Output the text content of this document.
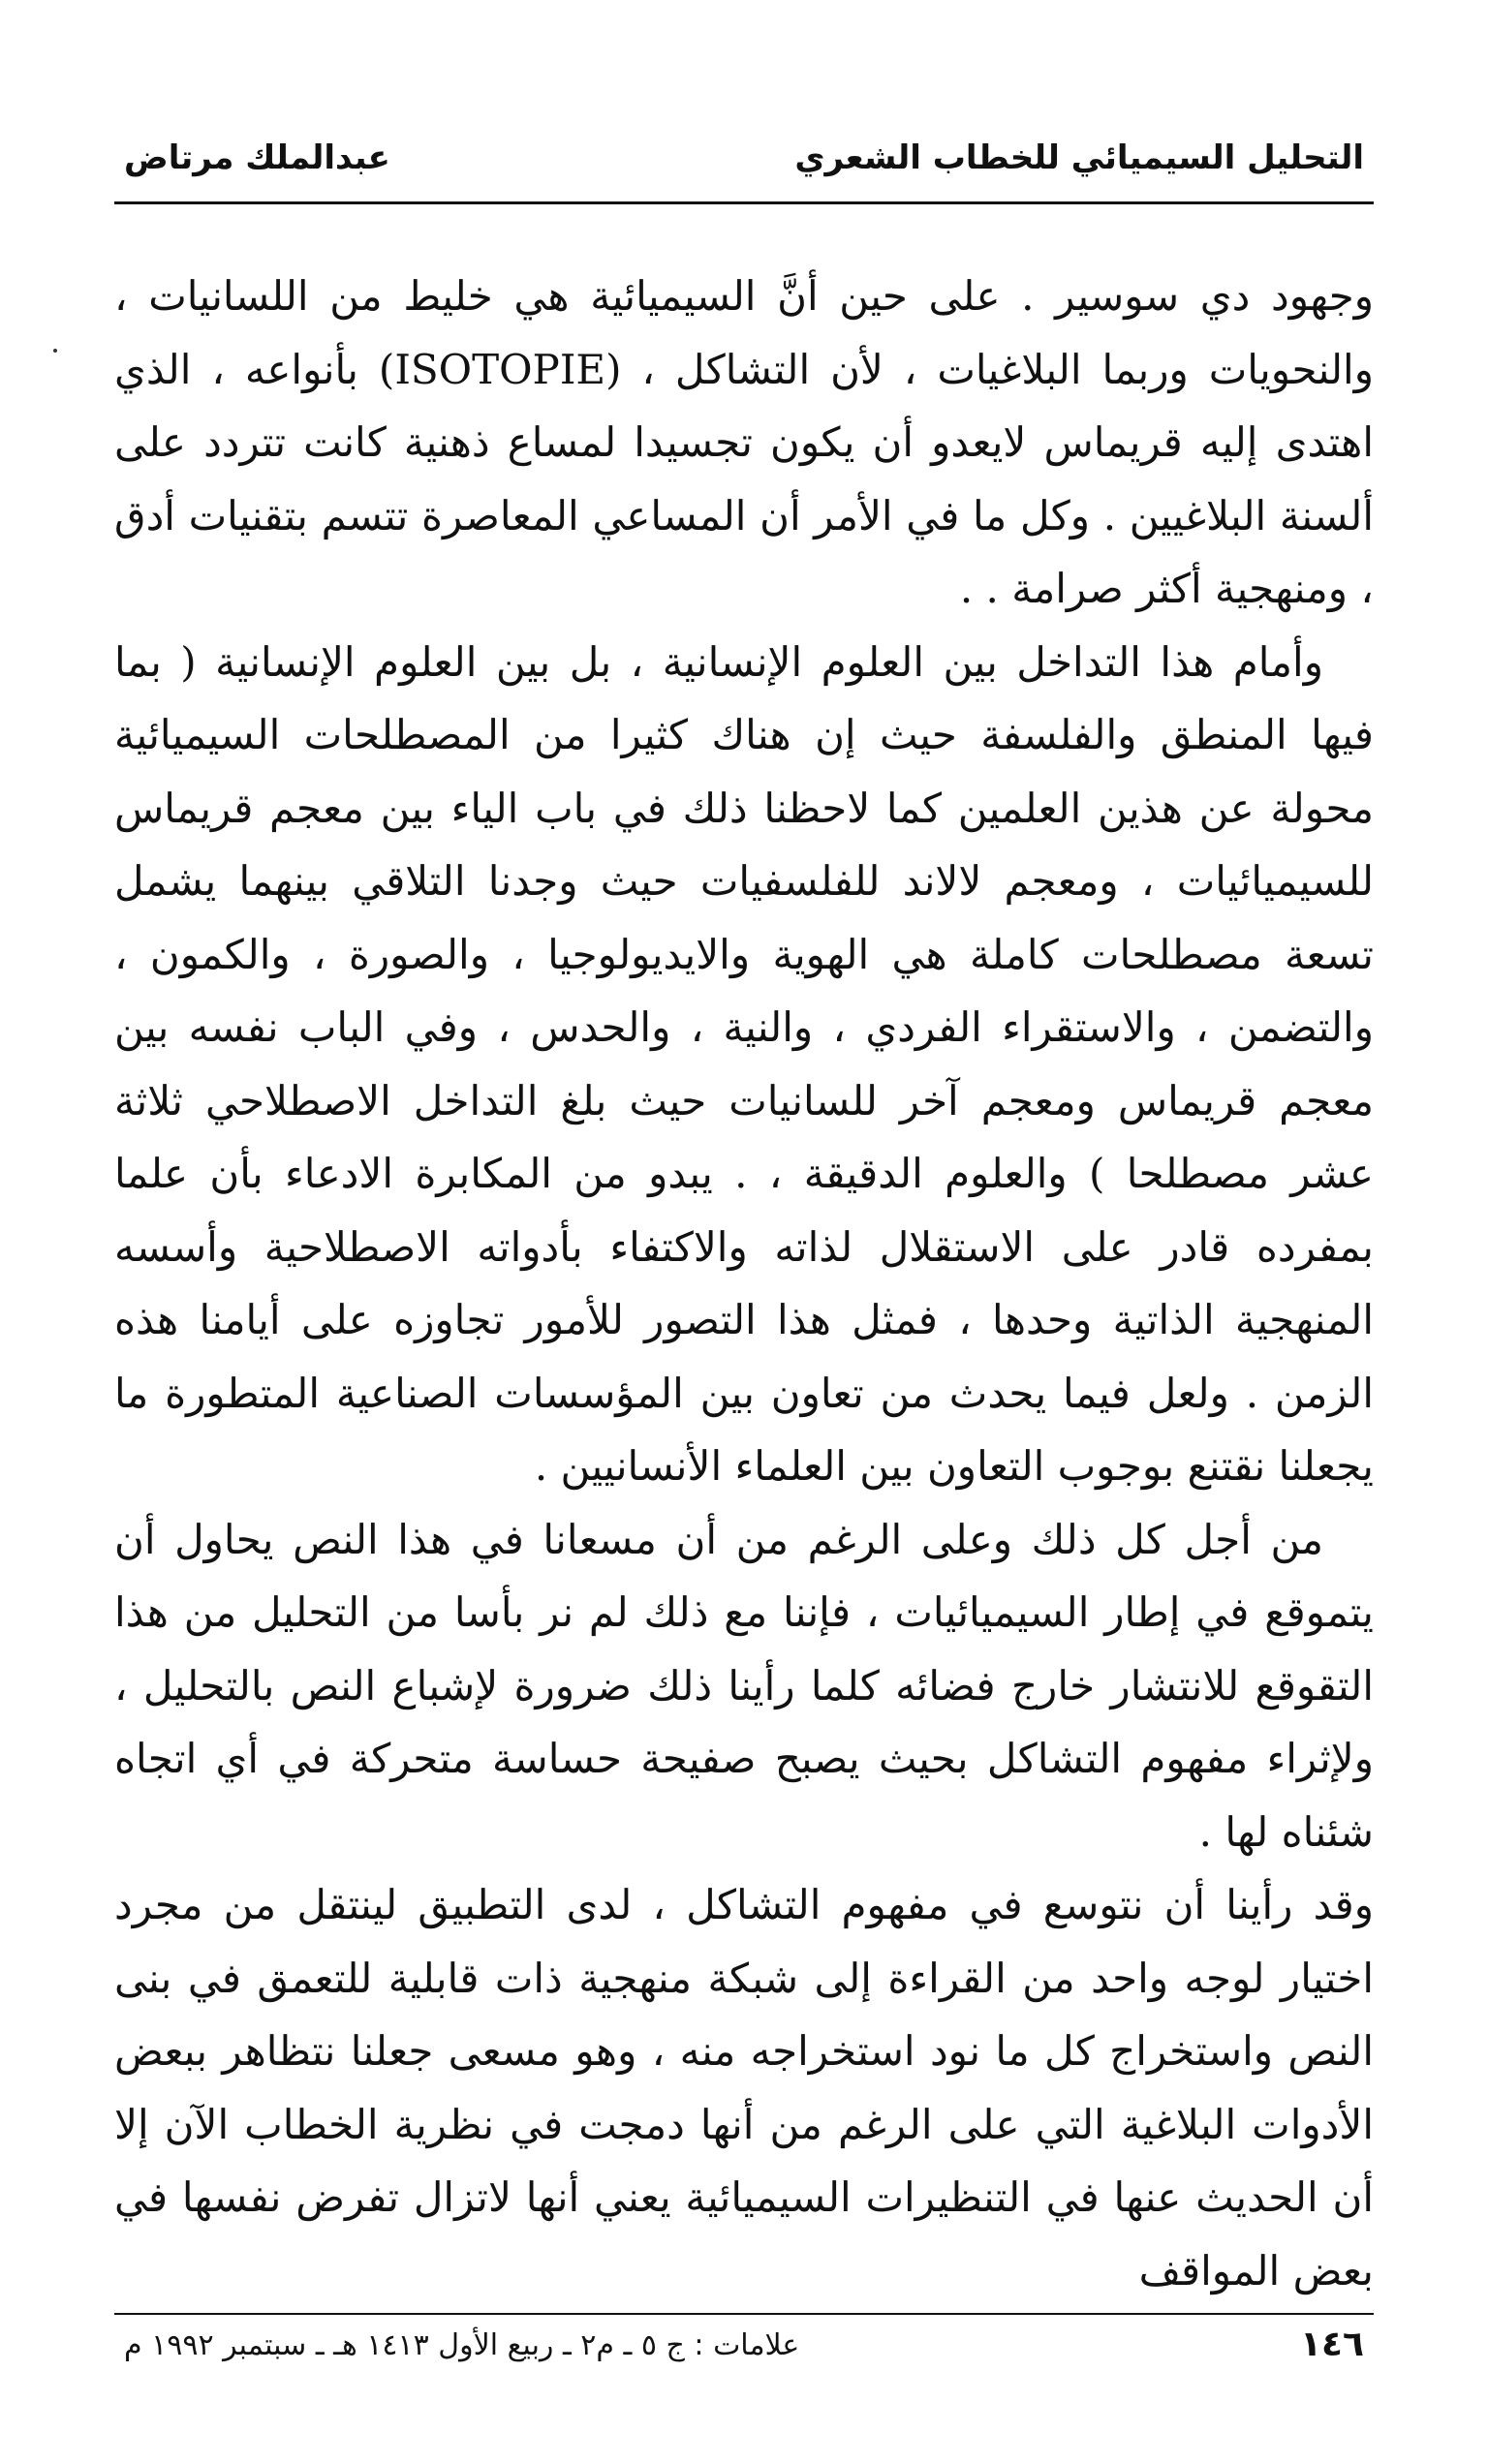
التحليل السيميائي للخطاب الشعري
عبدالملك مرتاض

وجهود دي سوسير . على حين أنَّ السيميائية هي خليط من اللسانيات ، والنحويات وربما البلاغيات ، لأن التشاكل ، (ISOTOPIE) بأنواعه ، الذي اهتدى إليه قريماس لايعدو أن يكون تجسيدا لمساع ذهنية كانت تتردد على ألسنة البلاغيين . وكل ما في الأمر أن المساعي المعاصرة تتسم بتقنيات أدق ، ومنهجية أكثر صرامة . .

وأمام هذا التداخل بين العلوم الإنسانية ، بل بين العلوم الإنسانية ( بما فيها المنطق والفلسفة حيث إن هناك كثيرا من المصطلحات السيميائية محولة عن هذين العلمين كما لاحظنا ذلك في باب الياء بين معجم قريماس للسيميائيات ، ومعجم لالاند للفلسفيات حيث وجدنا التلاقي بينهما يشمل تسعة مصطلحات كاملة هي الهوية والايديولوجيا ، والصورة ، والكمون ، والتضمن ، والاستقراء الفردي ، والنية ، والحدس ، وفي الباب نفسه بين معجم قريماس ومعجم آخر للسانيات حيث بلغ التداخل الاصطلاحي ثلاثة عشر مصطلحا ) والعلوم الدقيقة ، . يبدو من المكابرة الادعاء بأن علما بمفرده قادر على الاستقلال لذاته والاكتفاء بأدواته الاصطلاحية وأسسه المنهجية الذاتية وحدها ، فمثل هذا التصور للأمور تجاوزه على أيامنا هذه الزمن . ولعل فيما يحدث من تعاون بين المؤسسات الصناعية المتطورة ما يجعلنا نقتنع بوجوب التعاون بين العلماء الأنسانيين .

من أجل كل ذلك وعلى الرغم من أن مسعانا في هذا النص يحاول أن يتموقع في إطار السيميائيات ، فإننا مع ذلك لم نر بأسا من التحليل من هذا التقوقع للانتشار خارج فضائه كلما رأينا ذلك ضرورة لإشباع النص بالتحليل ، ولإثراء مفهوم التشاكل بحيث يصبح صفيحة حساسة متحركة في أي اتجاه شئناه لها .

وقد رأينا أن نتوسع في مفهوم التشاكل ، لدى التطبيق لينتقل من مجرد اختيار لوجه واحد من القراءة إلى شبكة منهجية ذات قابلية للتعمق في بنى النص واستخراج كل ما نود استخراجه منه ، وهو مسعى جعلنا نتظاهر ببعض الأدوات البلاغية التي على الرغم من أنها دمجت في نظرية الخطاب الآن إلا أن الحديث عنها في التنظيرات السيميائية يعني أنها لاتزال تفرض نفسها في بعض المواقف

١٤٦
علامات : ج ٥ ـ م٢ ـ ربيع الأول ١٤١٣ هـ ـ سبتمبر ١٩٩٢ م
